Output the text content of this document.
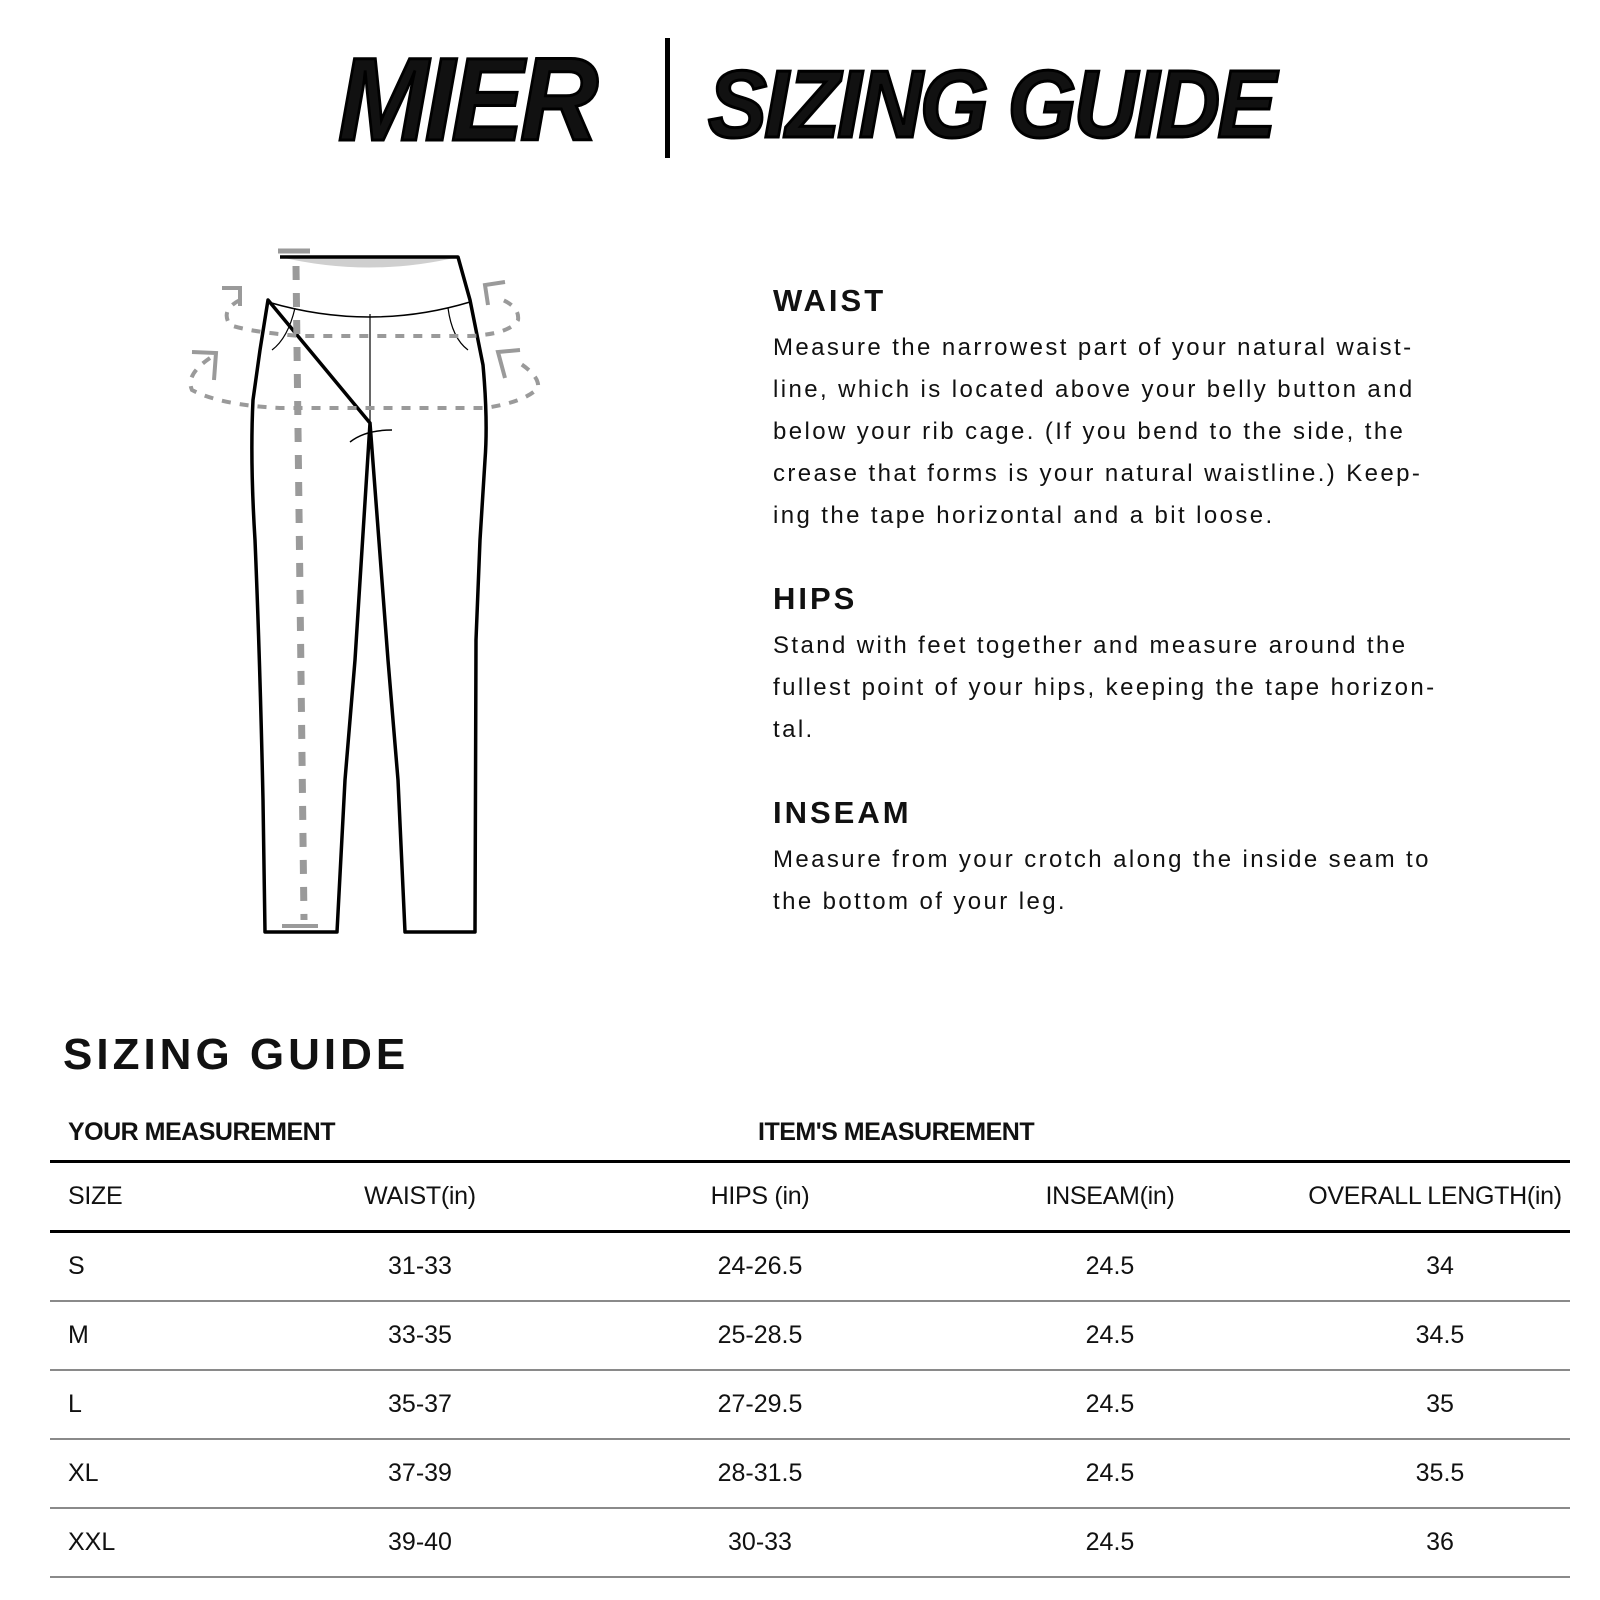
MIER SIZING GUIDE
WAIST

Measure the narrowest part of your natural waist-
line, which is located above your belly button and
below your rib cage. (If you bend to the side, the
crease that forms is your natural waistline.) Keep-
ing the tape horizontal and a bit loose.

HIPS

Stand with feet together and measure around the
fullest point of your hips, keeping the tape horizon-
tal.

INSEAM

Measure from your crotch along the inside seam to
the bottom of your leg.

SIZING GUIDE
YOUR MEASUREMENT	ITEM'S MEASUREMENT
SIZE	WAIST(in)	HIPS (in)	INSEAM(in)	OVERALL LENGTH(in)
S	31-33	24-26.5	24.5	34
M	33-35	25-28.5	24.5	34.5
L	35-37	27-29.5	24.5	35
XL	37-39	28-31.5	24.5	35.5
XXL	39-40	30-33	24.5	36
